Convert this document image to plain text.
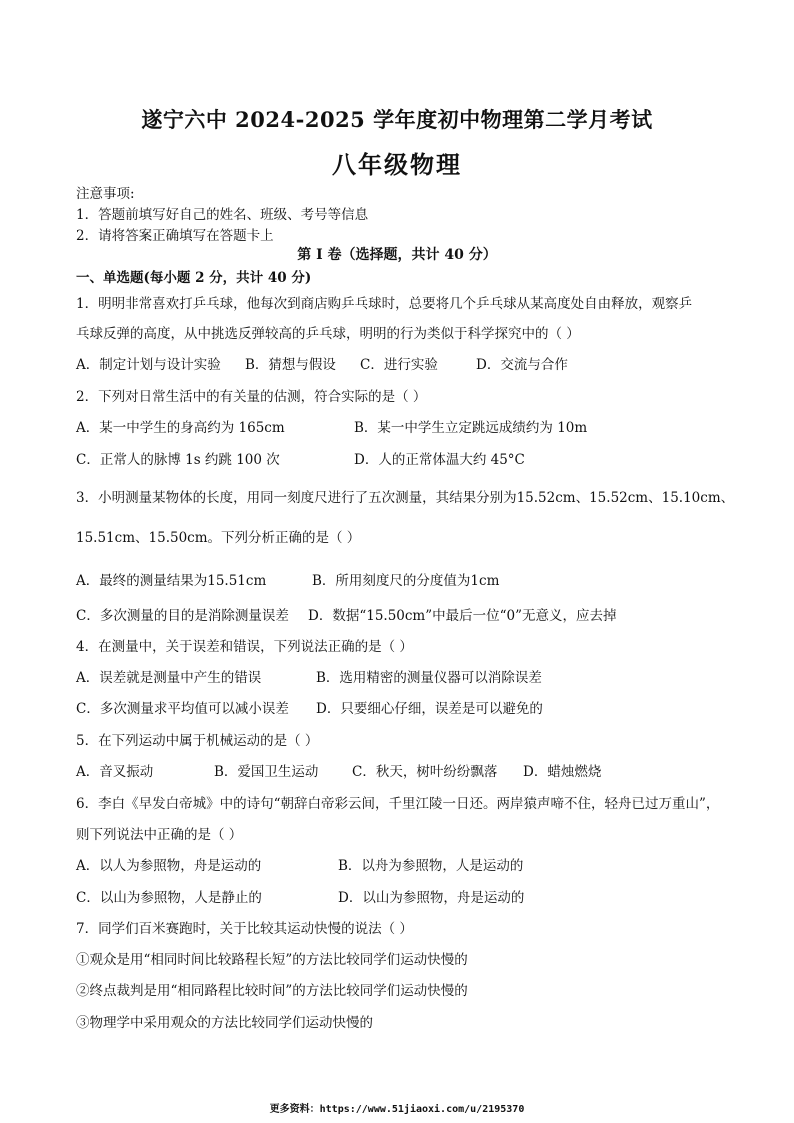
遂宁六中 2024-2025 学年度初中物理第二学月考试
八年级物理
注意事项:
1．答题前填写好自己的姓名、班级、考号等信息
2．请将答案正确填写在答题卡上
第 I 卷（选择题，共计 40 分）
一、单选题(每小题 2 分，共计 40 分)
1．明明非常喜欢打乒乓球，他每次到商店购乒乓球时，总要将几个乒乓球从某高度处自由释放，观察乒
乓球反弹的高度，从中挑选反弹较高的乒乓球，明明的行为类似于科学探究中的（ ）
A．制定计划与设计实验 B．猜想与假设 C．进行实验	D．交流与合作
2．下列对日常生活中的有关量的估测，符合实际的是（ ）
A．某一中学生的身高约为 165cm	B．某一中学生立定跳远成绩约为 10m
C．正常人的脉博 1s 约跳 100 次	D．人的正常体温大约 45°C
3．小明测量某物体的长度，用同一刻度尺进行了五次测量，其结果分别为15.52cm、15.52cm、15.10cm、
15.51cm、15.50cm。下列分析正确的是（ ）
A．最终的测量结果为15.51cm	B．所用刻度尺的分度值为1cm
C．多次测量的目的是消除测量误差 D．数据“15.50cm”中最后一位“0”无意义，应去掉
4．在测量中，关于误差和错误，下列说法正确的是（ ）
A．误差就是测量中产生的错误	B．选用精密的测量仪器可以消除误差
C．多次测量求平均值可以减小误差 D．只要细心仔细，误差是可以避免的
5．在下列运动中属于机械运动的是（ ）
A．音叉振动	B．爱国卫生运动 C．秋天，树叶纷纷飘落 D．蜡烛燃烧
6．李白《早发白帝城》中的诗句“朝辞白帝彩云间，千里江陵一日还。两岸猿声啼不住，轻舟已过万重山”，
则下列说法中正确的是（ ）
A．以人为参照物，舟是运动的	B．以舟为参照物，人是运动的
C．以山为参照物，人是静止的	D．以山为参照物，舟是运动的
7．同学们百米赛跑时，关于比较其运动快慢的说法（ ）
①观众是用“相同时间比较路程长短”的方法比较同学们运动快慢的
②终点裁判是用“相同路程比较时间”的方法比较同学们运动快慢的
③物理学中采用观众的方法比较同学们运动快慢的
更多资料：https://www.51jiaoxi.com/u/2195370
